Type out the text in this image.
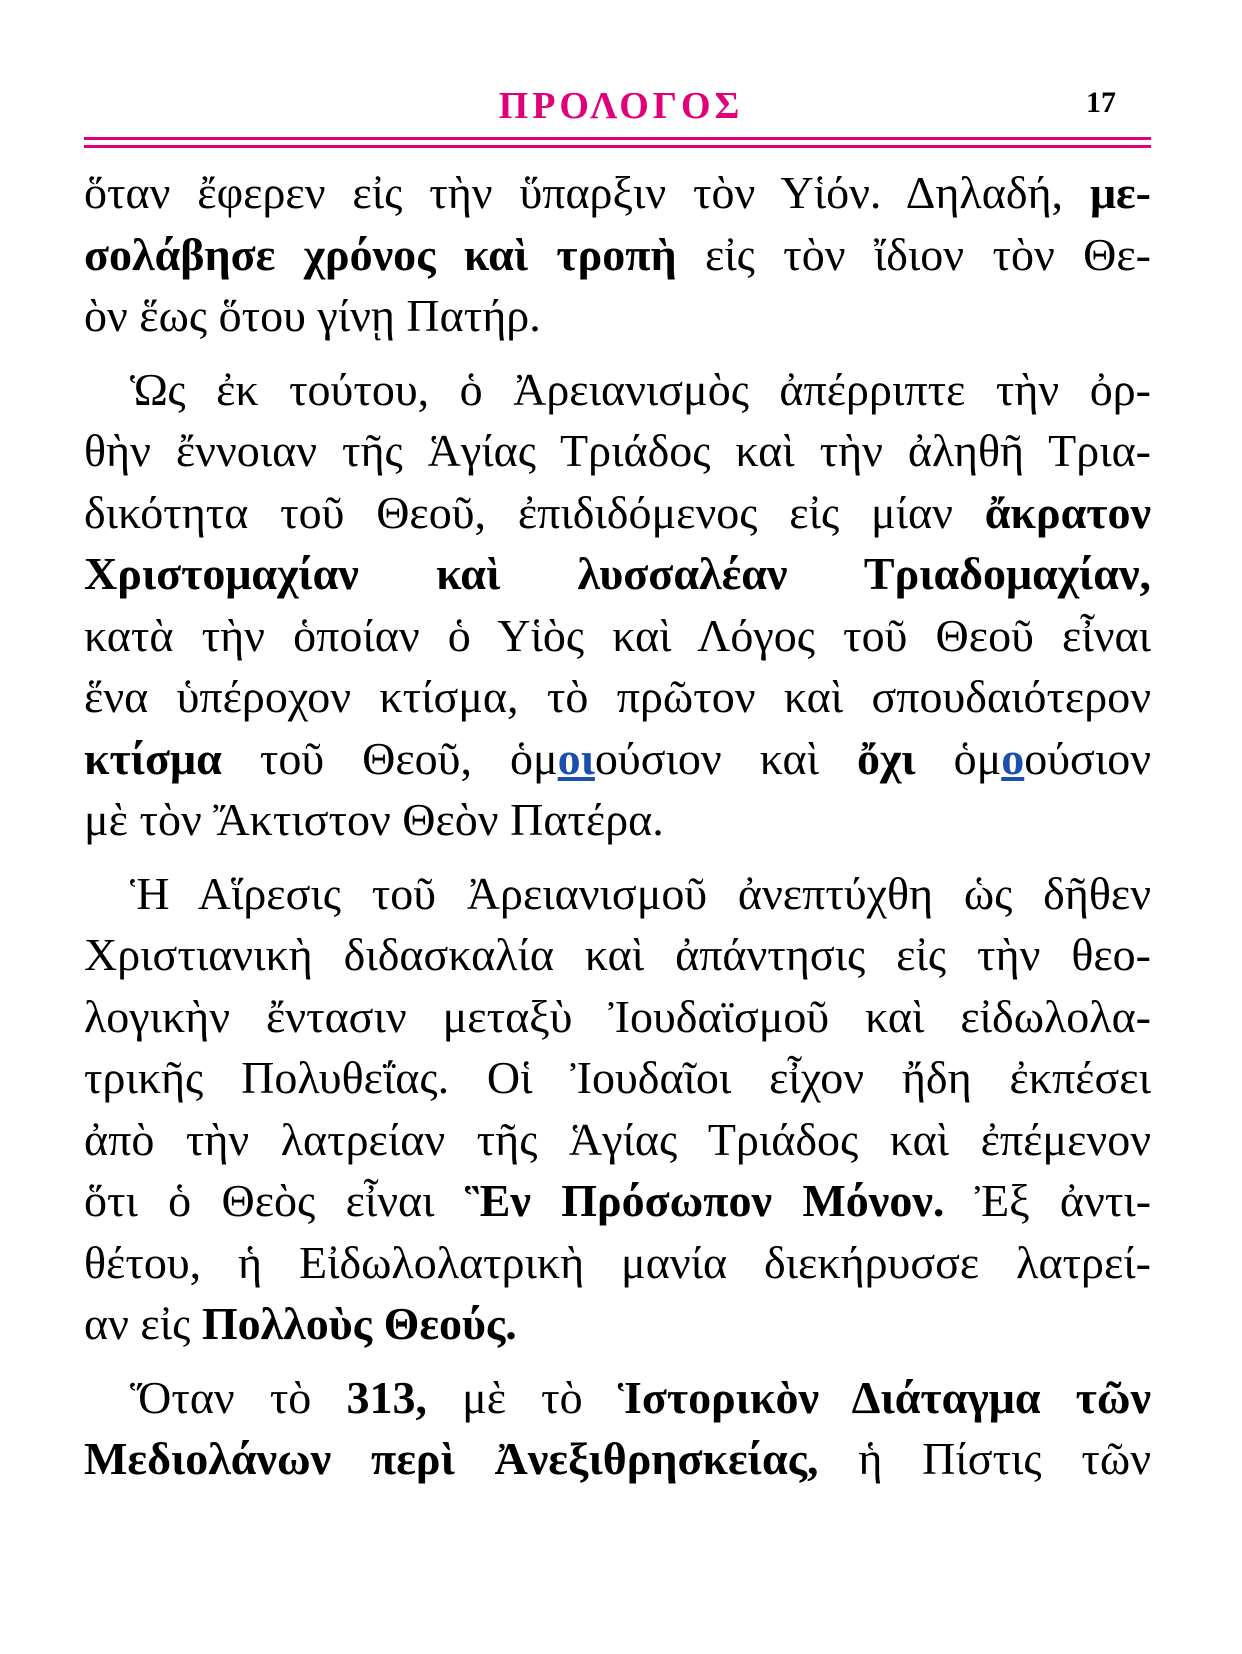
ΠΡΟΛΟΓΟΣ	17
ὅταν ἔφερεν εἰς τὴν ὕπαρξιν τὸν Υἱόν. Δηλαδή, με-
σολάβησε χρόνος καὶ τροπὴ εἰς τὸν ἴδιον τὸν Θε-
ὸν ἕως ὅτου γίνῃ Πατήρ.
 Ὡς ἐκ τούτου, ὁ Ἀρειανισμὸς ἀπέρριπτε τὴν ὀρ-
θὴν ἔννοιαν τῆς Ἁγίας Τριάδος καὶ τὴν ἀληθῆ Τρια-
δικότητα τοῦ Θεοῦ, ἐπιδιδόμενος εἰς μίαν ἄκρατον
Χριστομαχίαν καὶ λυσσαλέαν Τριαδομαχίαν,
κατὰ τὴν ὁποίαν ὁ Υἱὸς καὶ Λόγος τοῦ Θεοῦ εἶναι
ἕνα ὑπέροχον κτίσμα, τὸ πρῶτον καὶ σπουδαιότερον
κτίσμα τοῦ Θεοῦ, ὁμοιούσιον καὶ ὄχι ὁμοούσιον
μὲ τὸν Ἄκτιστον Θεὸν Πατέρα.
 Ἡ Αἵρεσις τοῦ Ἀρειανισμοῦ ἀνεπτύχθη ὡς δῆθεν
Χριστιανικὴ διδασκαλία καὶ ἀπάντησις εἰς τὴν θεο-
λογικὴν ἔντασιν μεταξὺ Ἰουδαϊσμοῦ καὶ εἰδωλολα-
τρικῆς Πολυθεΐας. Οἱ Ἰουδαῖοι εἶχον ἤδη ἐκπέσει
ἀπὸ τὴν λατρείαν τῆς Ἁγίας Τριάδος καὶ ἐπέμενον
ὅτι ὁ Θεὸς εἶναι Ἓν Πρόσωπον Μόνον. Ἐξ ἀντι-
θέτου, ἡ Εἰδωλολατρικὴ μανία διεκήρυσσε λατρεί-
αν εἰς Πολλοὺς Θεούς.
 Ὅταν τὸ 313, μὲ τὸ Ἱστορικὸν Διάταγμα τῶν
Μεδιολάνων περὶ Ἀνεξιθρησκείας, ἡ Πίστις τῶν
